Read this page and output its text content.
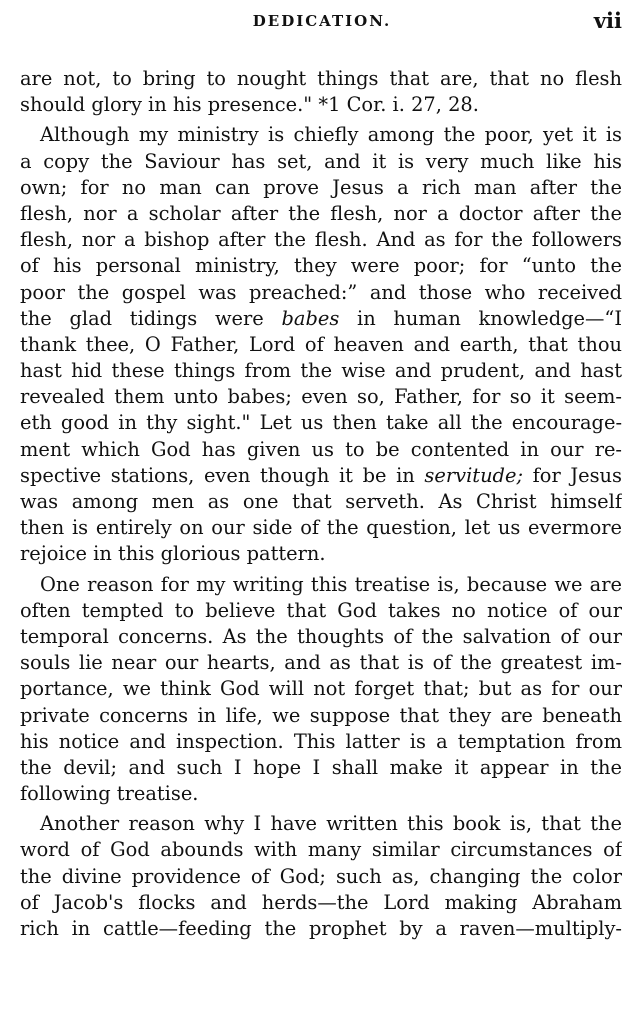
DEDICATION.	vii
are not, to bring to nought things that are, that no flesh
should glory in his presence." *1 Cor. i. 27, 28.
Although my ministry is chiefly among the poor, yet it is
a copy the Saviour has set, and it is very much like his
own; for no man can prove Jesus a rich man after the
flesh, nor a scholar after the flesh, nor a doctor after the
flesh, nor a bishop after the flesh. And as for the followers
of his personal ministry, they were poor; for “unto the
poor the gospel was preached:” and those who received
the glad tidings were babes in human knowledge—“I
thank thee, O Father, Lord of heaven and earth, that thou
hast hid these things from the wise and prudent, and hast
revealed them unto babes; even so, Father, for so it seem-
eth good in thy sight." Let us then take all the encourage-
ment which God has given us to be contented in our re-
spective stations, even though it be in servitude; for Jesus
was among men as one that serveth. As Christ himself
then is entirely on our side of the question, let us evermore
rejoice in this glorious pattern.
One reason for my writing this treatise is, because we are
often tempted to believe that God takes no notice of our
temporal concerns. As the thoughts of the salvation of our
souls lie near our hearts, and as that is of the greatest im-
portance, we think God will not forget that; but as for our
private concerns in life, we suppose that they are beneath
his notice and inspection. This latter is a temptation from
the devil; and such I hope I shall make it appear in the
following treatise.
Another reason why I have written this book is, that the
word of God abounds with many similar circumstances of
the divine providence of God; such as, changing the color
of Jacob's flocks and herds—the Lord making Abraham
rich in cattle—feeding the prophet by a raven—multiply-
